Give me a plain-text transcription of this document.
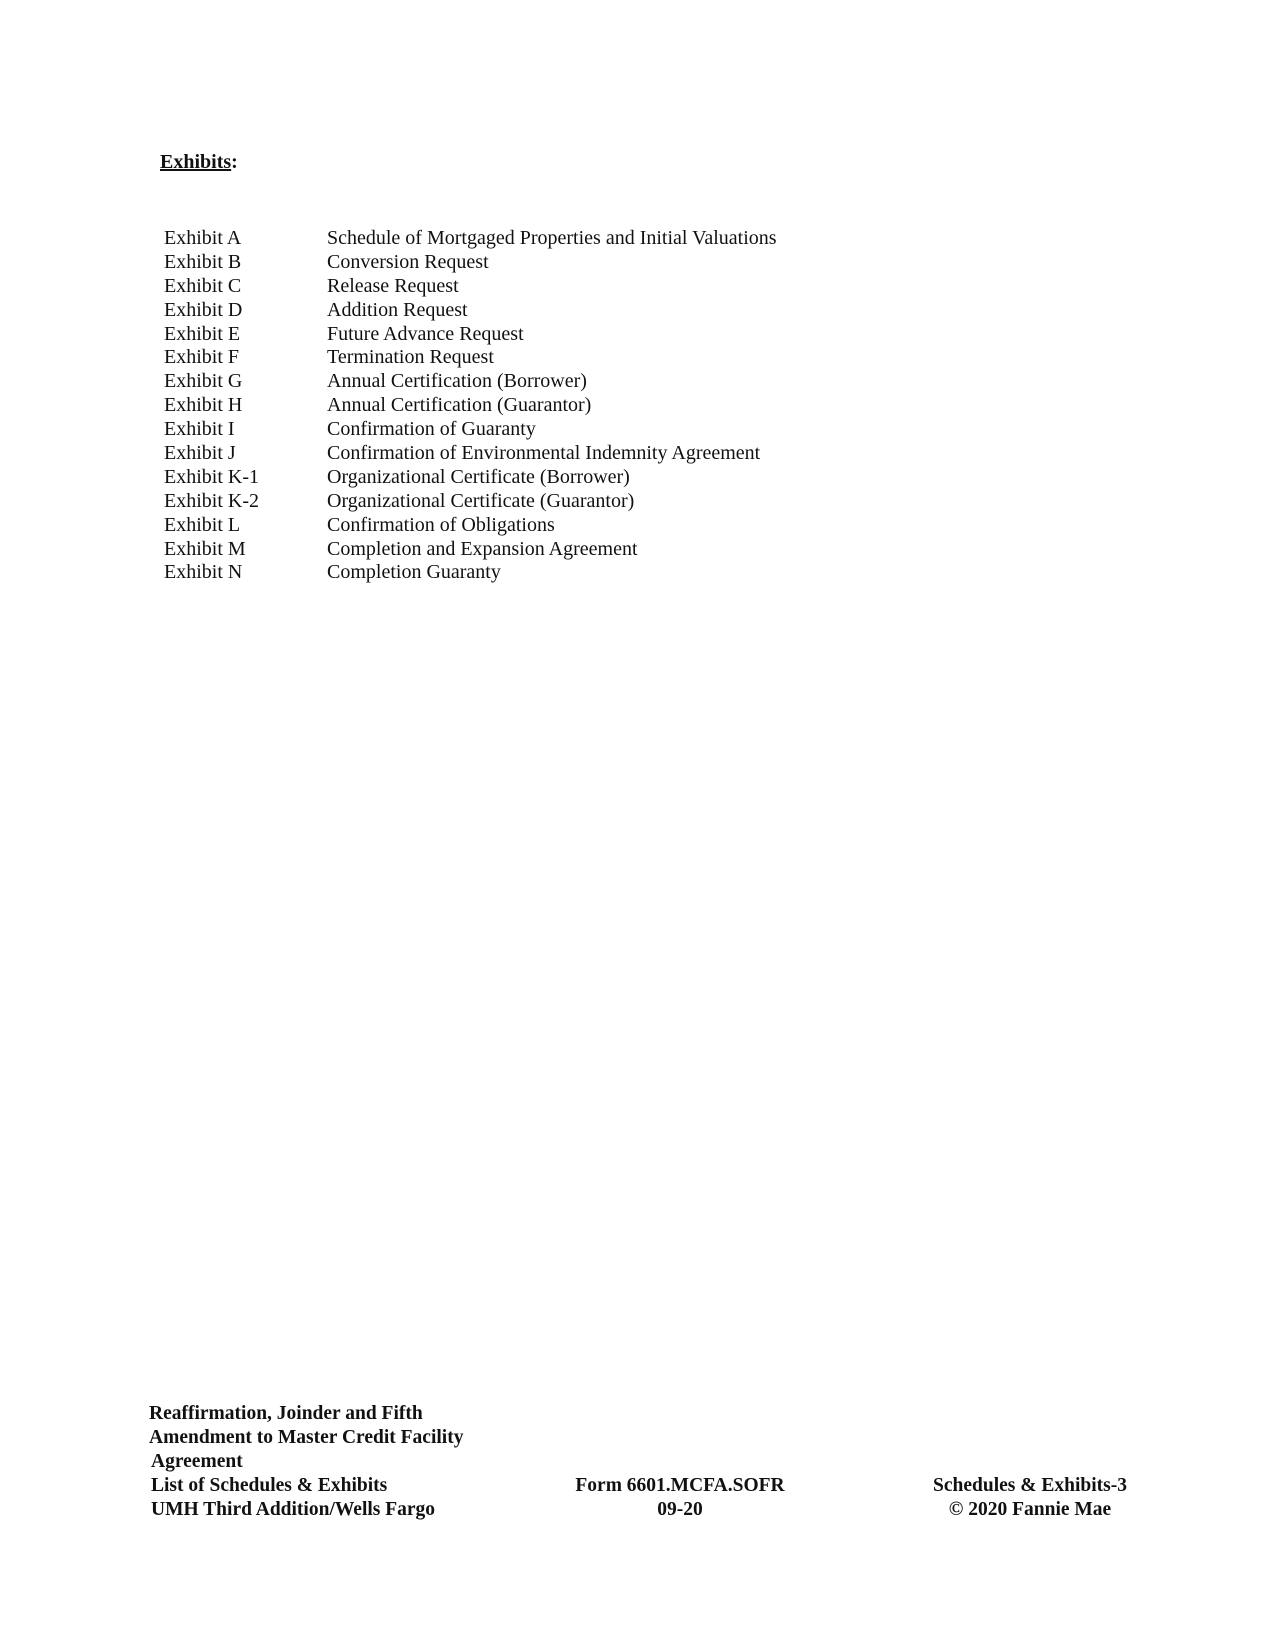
Exhibits:
Exhibit A	Schedule of Mortgaged Properties and Initial Valuations
Exhibit B	Conversion Request
Exhibit C	Release Request
Exhibit D	Addition Request
Exhibit E	Future Advance Request
Exhibit F	Termination Request
Exhibit G	Annual Certification (Borrower)
Exhibit H	Annual Certification (Guarantor)
Exhibit I	Confirmation of Guaranty
Exhibit J	Confirmation of Environmental Indemnity Agreement
Exhibit K-1	Organizational Certificate (Borrower)
Exhibit K-2	Organizational Certificate (Guarantor)
Exhibit L	Confirmation of Obligations
Exhibit M	Completion and Expansion Agreement
Exhibit N	Completion Guaranty
Reaffirmation, Joinder and Fifth
Amendment to Master Credit Facility
Agreement
List of Schedules & Exhibits
UMH Third Addition/Wells Fargo
Form 6601.MCFA.SOFR
09-20
Schedules & Exhibits-3
© 2020 Fannie Mae
